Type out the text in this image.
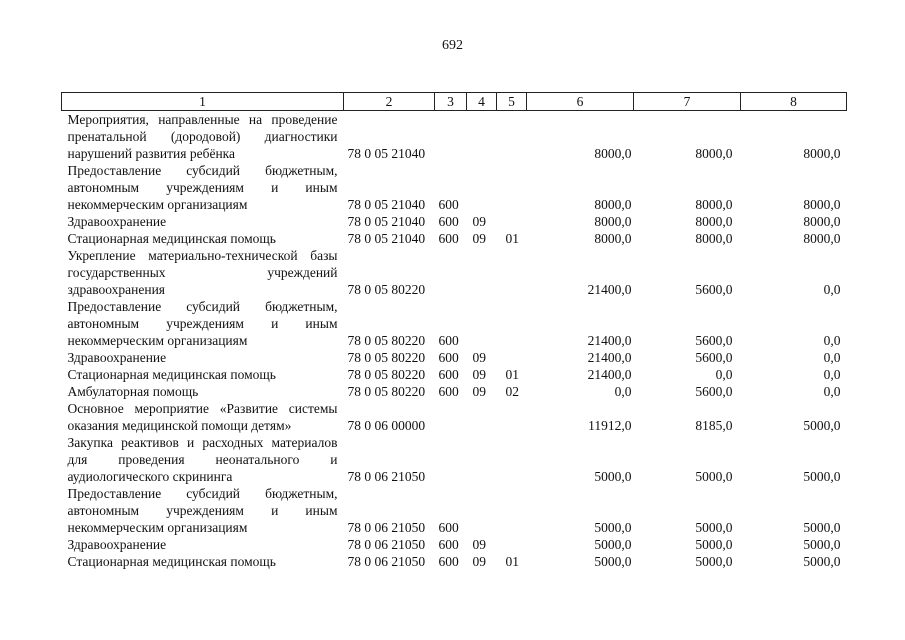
692
1	2	3	4	5	6	7	8
Мероприятия, направленные на проведение пренатальной (дородовой) диагностики нарушений развития ребёнка	78 0 05 21040				8000,0	8000,0	8000,0
Предоставление субсидий бюджетным, автономным учреждениям и иным некоммерческим организациям	78 0 05 21040	600			8000,0	8000,0	8000,0
Здравоохранение	78 0 05 21040	600	09		8000,0	8000,0	8000,0
Стационарная медицинская помощь	78 0 05 21040	600	09	01	8000,0	8000,0	8000,0
Укрепление материально-технической базы государственных учреждений здравоохранения	78 0 05 80220				21400,0	5600,0	0,0
Предоставление субсидий бюджетным, автономным учреждениям и иным некоммерческим организациям	78 0 05 80220	600			21400,0	5600,0	0,0
Здравоохранение	78 0 05 80220	600	09		21400,0	5600,0	0,0
Стационарная медицинская помощь	78 0 05 80220	600	09	01	21400,0	0,0	0,0
Амбулаторная помощь	78 0 05 80220	600	09	02	0,0	5600,0	0,0
Основное мероприятие «Развитие системы оказания медицинской помощи детям»	78 0 06 00000				11912,0	8185,0	5000,0
Закупка реактивов и расходных материалов для проведения неонатального и аудиологического скрининга	78 0 06 21050				5000,0	5000,0	5000,0
Предоставление субсидий бюджетным, автономным учреждениям и иным некоммерческим организациям	78 0 06 21050	600			5000,0	5000,0	5000,0
Здравоохранение	78 0 06 21050	600	09		5000,0	5000,0	5000,0
Стационарная медицинская помощь	78 0 06 21050	600	09	01	5000,0	5000,0	5000,0
